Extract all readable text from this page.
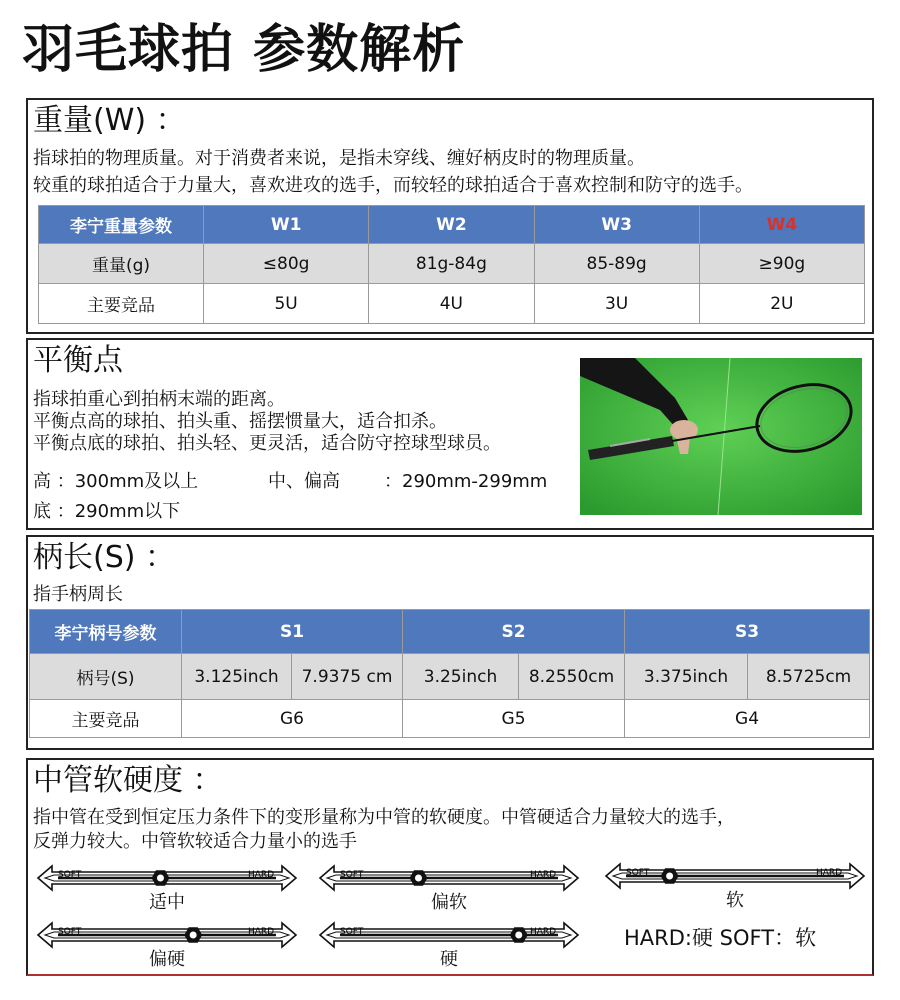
羽毛球拍 参数解析
重量(W) ：
指球拍的物理质量。对于消费者来说，是指未穿线、缠好柄皮时的物理质量。
较重的球拍适合于力量大，喜欢进攻的选手，而较轻的球拍适合于喜欢控制和防守的选手。
李宁重量参数	W1	W2	W3	W4
重量(g)	≤80g	81g-84g	85-89g	≥90g
主要竞品	5U	4U	3U	2U
平衡点
指球拍重心到拍柄末端的距离。
平衡点高的球拍、拍头重、摇摆惯量大，适合扣杀。
平衡点底的球拍、拍头轻、更灵活，适合防守控球型球员。
高 ：300mm及以上	中、偏高 ：290mm-299mm
底 ：290mm以下
柄长(S) ：
指手柄周长
李宁柄号参数	S1		S2		S3	
柄号(S)	3.125inch	7.9375 cm	3.25inch	8.2550cm	3.375inch	8.5725cm
主要竞品	G6		G5		G4	
中管软硬度 ：
指中管在受到恒定压力条件下的变形量称为中管的软硬度。中管硬适合力量较大的选手，
反弹力较大。中管软较适合力量小的选手
SOFT	HARD
适中
SOFT	HARD
偏软
SOFT	HARD
软
SOFT	HARD
偏硬
SOFT	HARD
硬
HARD:硬 SOFT：软
